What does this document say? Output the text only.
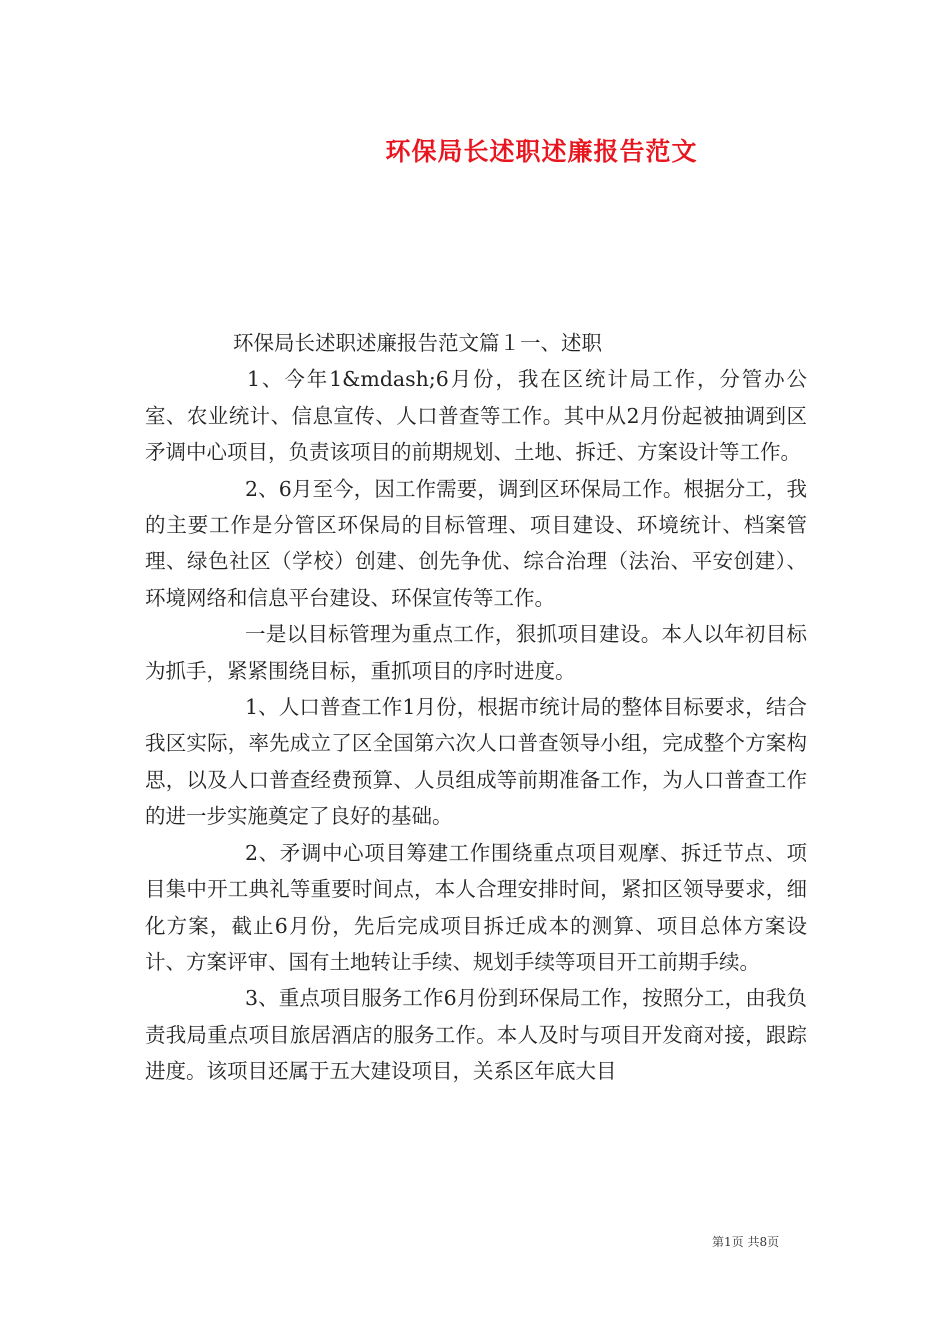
环保局长述职述廉报告范文

环保局长述职述廉报告范文篇１一、述职

1、今年1&mdash;6月份，我在区统计局工作，分管办公室、农业统计、信息宣传、人口普查等工作。其中从2月份起被抽调到区矛调中心项目，负责该项目的前期规划、土地、拆迁、方案设计等工作。

2、6月至今，因工作需要，调到区环保局工作。根据分工，我的主要工作是分管区环保局的目标管理、项目建设、环境统计、档案管理、绿色社区（学校）创建、创先争优、综合治理（法治、平安创建）、环境网络和信息平台建设、环保宣传等工作。

一是以目标管理为重点工作，狠抓项目建设。本人以年初目标为抓手，紧紧围绕目标，重抓项目的序时进度。

1、人口普查工作1月份，根据市统计局的整体目标要求，结合我区实际，率先成立了区全国第六次人口普查领导小组，完成整个方案构思，以及人口普查经费预算、人员组成等前期准备工作，为人口普查工作的进一步实施奠定了良好的基础。

2、矛调中心项目筹建工作围绕重点项目观摩、拆迁节点、项目集中开工典礼等重要时间点，本人合理安排时间，紧扣区领导要求，细化方案，截止6月份，先后完成项目拆迁成本的测算、项目总体方案设计、方案评审、国有土地转让手续、规划手续等项目开工前期手续。

3、重点项目服务工作6月份到环保局工作，按照分工，由我负责我局重点项目旅居酒店的服务工作。本人及时与项目开发商对接，跟踪进度。该项目还属于五大建设项目，关系区年底大目

第1页 共8页
